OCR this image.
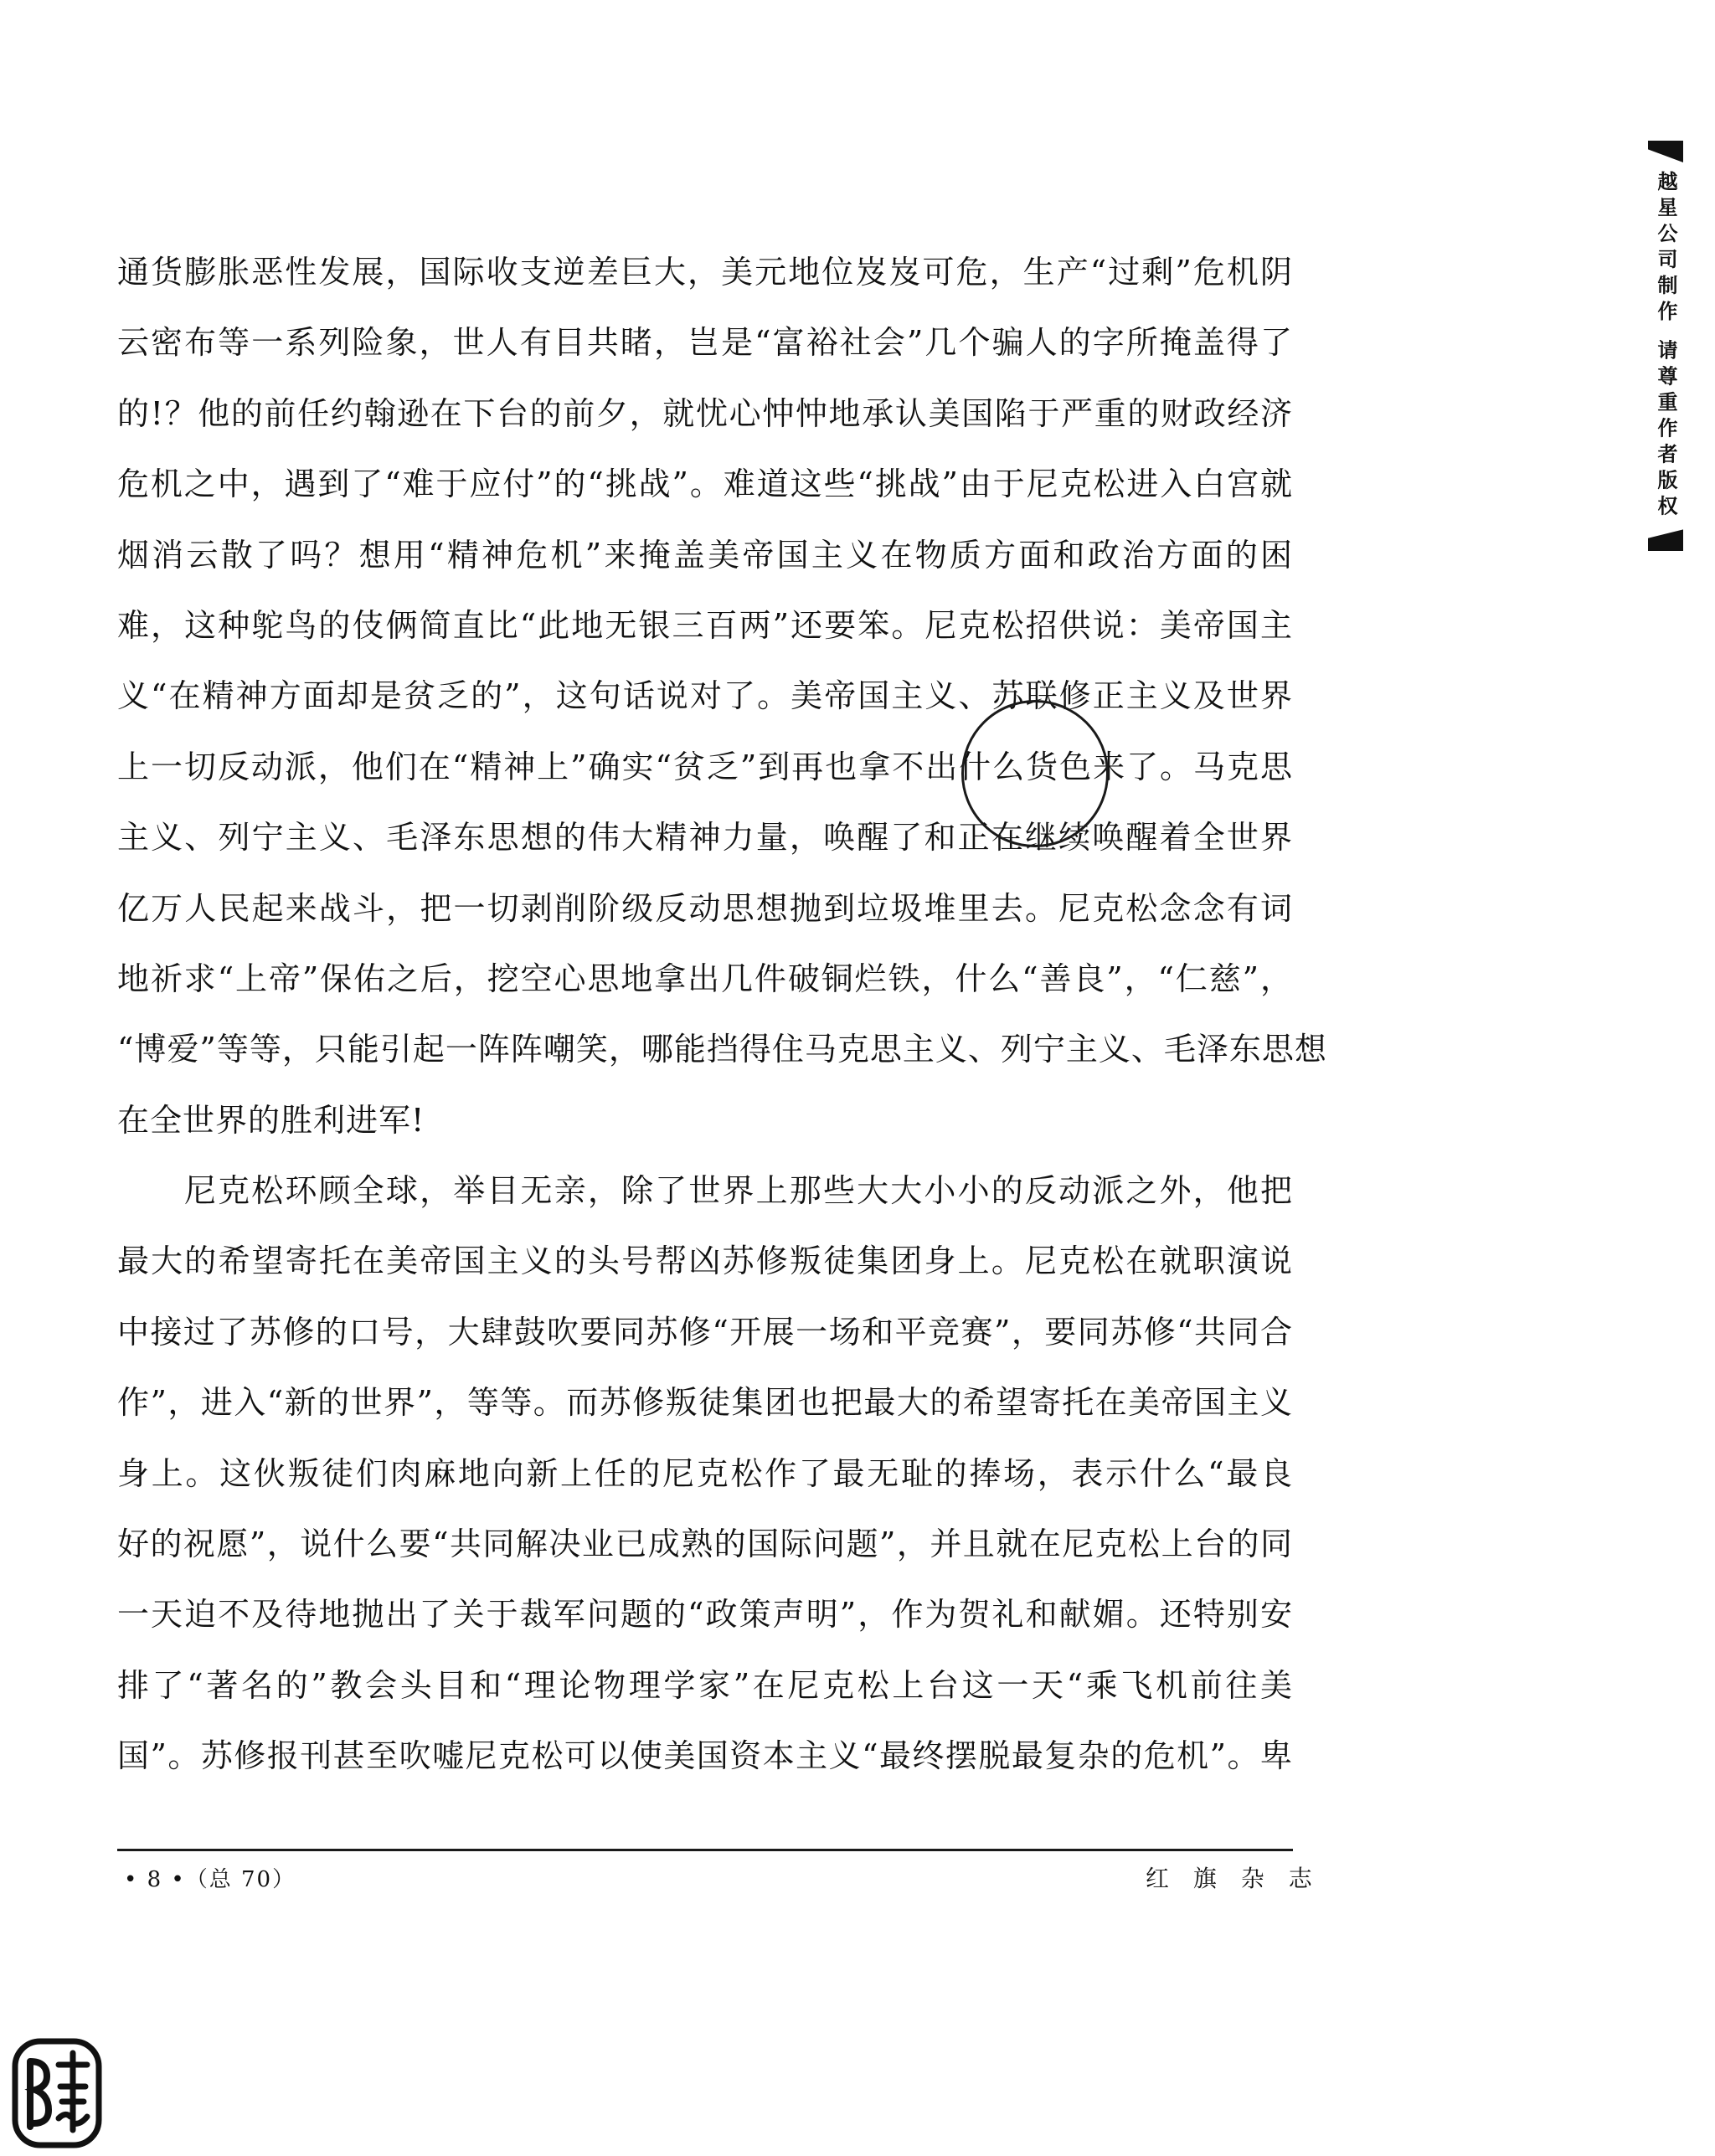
通货膨胀恶性发展，国际收支逆差巨大，美元地位岌岌可危，生产“过剩”危机阴
云密布等一系列险象，世人有目共睹，岂是“富裕社会”几个骗人的字所掩盖得了
的!？他的前任约翰逊在下台的前夕，就忧心忡忡地承认美国陷于严重的财政经济
危机之中，遇到了“难于应付”的“挑战”。难道这些“挑战”由于尼克松进入白宫就
烟消云散了吗？想用“精神危机”来掩盖美帝国主义在物质方面和政治方面的困
难，这种鸵鸟的伎俩简直比“此地无银三百两”还要笨。尼克松招供说：美帝国主
义“在精神方面却是贫乏的”，这句话说对了。美帝国主义、苏联修正主义及世界
上一切反动派，他们在“精神上”确实“贫乏”到再也拿不出什么货色来了。马克思
主义、列宁主义、毛泽东思想的伟大精神力量，唤醒了和正在继续唤醒着全世界
亿万人民起来战斗，把一切剥削阶级反动思想抛到垃圾堆里去。尼克松念念有词
地祈求“上帝”保佑之后，挖空心思地拿出几件破铜烂铁，什么“善良”，“仁慈”，
“博爱”等等，只能引起一阵阵嘲笑，哪能挡得住马克思主义、列宁主义、毛泽东思想
在全世界的胜利进军!
尼克松环顾全球，举目无亲，除了世界上那些大大小小的反动派之外，他把
最大的希望寄托在美帝国主义的头号帮凶苏修叛徒集团身上。尼克松在就职演说
中接过了苏修的口号，大肆鼓吹要同苏修“开展一场和平竞赛”，要同苏修“共同合
作”，进入“新的世界”，等等。而苏修叛徒集团也把最大的希望寄托在美帝国主义
身上。这伙叛徒们肉麻地向新上任的尼克松作了最无耻的捧场，表示什么“最良
好的祝愿”，说什么要“共同解决业已成熟的国际问题”，并且就在尼克松上台的同
一天迫不及待地抛出了关于裁军问题的“政策声明”，作为贺礼和献媚。还特别安
排了“著名的”教会头目和“理论物理学家”在尼克松上台这一天“乘飞机前往美
国”。苏修报刊甚至吹嘘尼克松可以使美国资本主义“最终摆脱最复杂的危机”。卑
• 8 •（总 70）	红 旗 杂 志
越星公司制作 请尊重作者版权
